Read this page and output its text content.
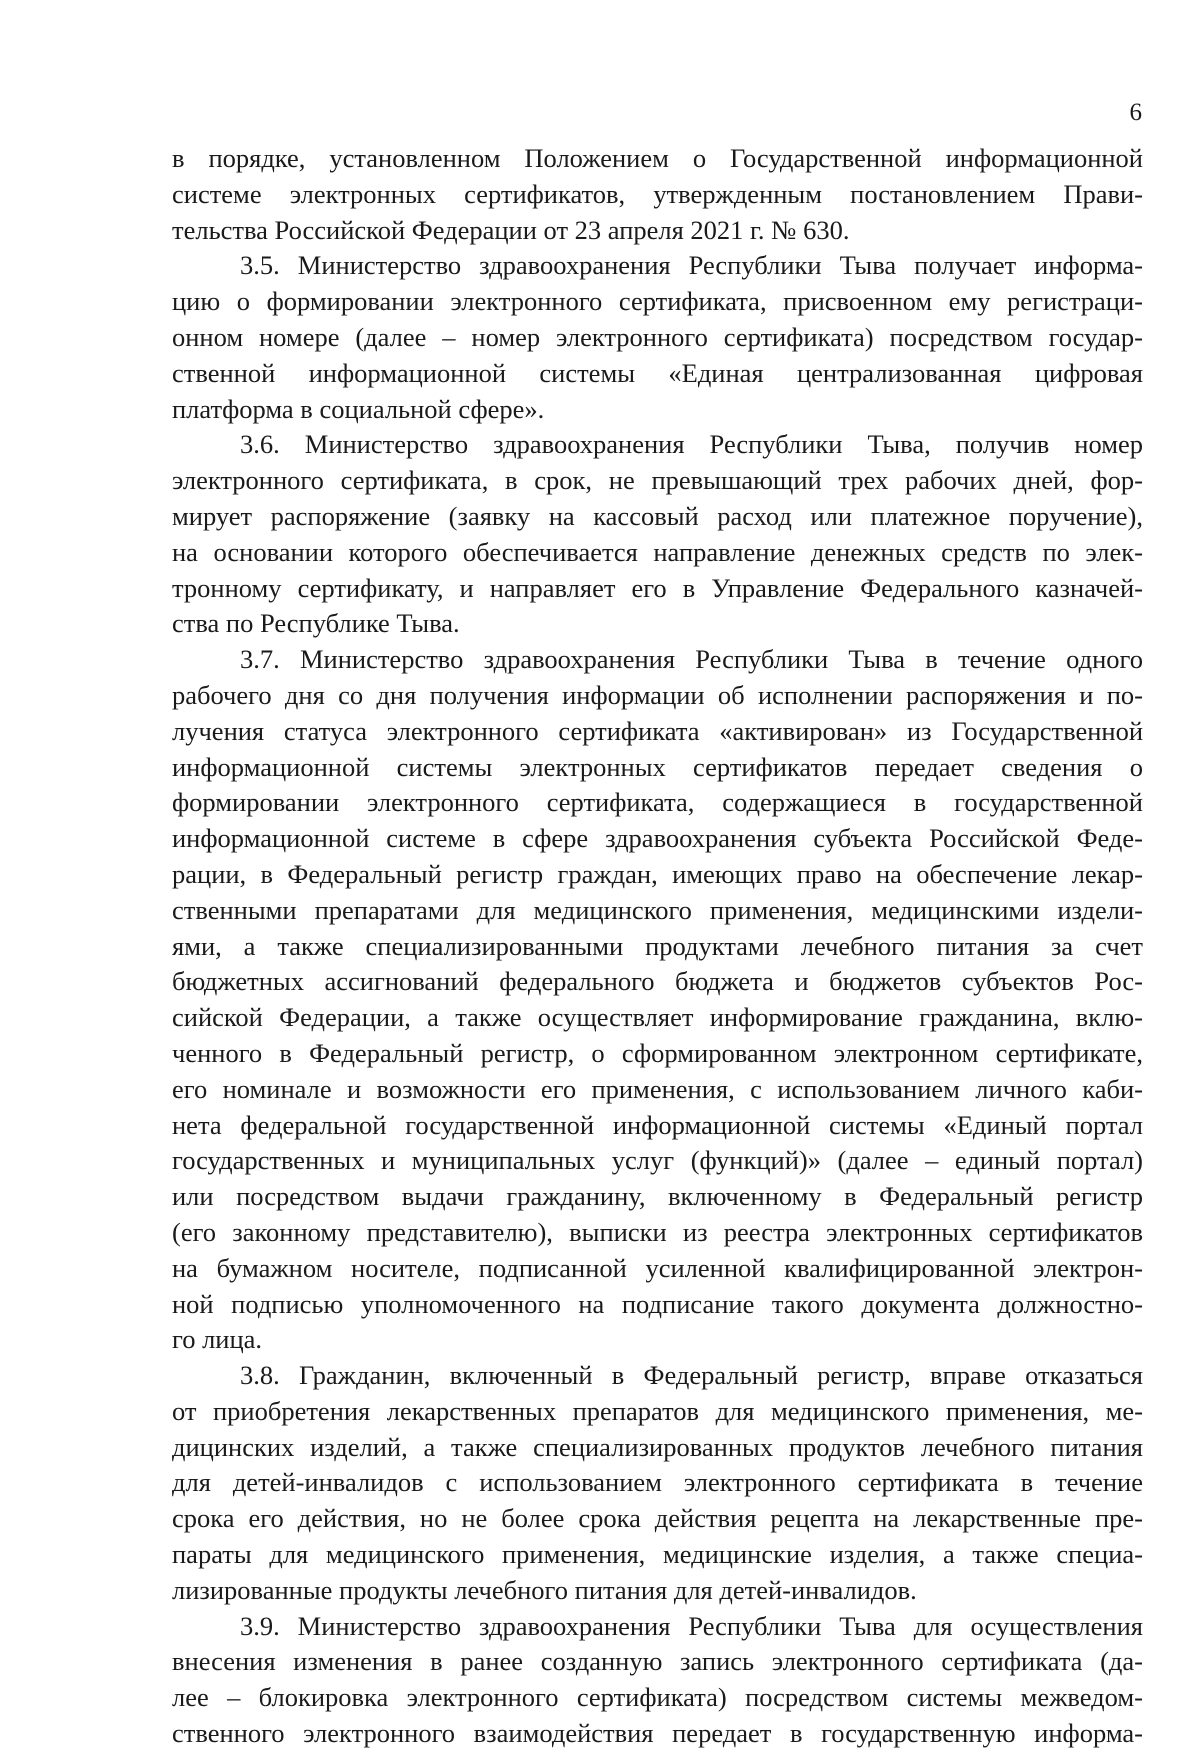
6
в порядке, установленном Положением о Государственной информационной
системе электронных сертификатов, утвержденным постановлением Прави-
тельства Российской Федерации от 23 апреля 2021 г. № 630.
3.5. Министерство здравоохранения Республики Тыва получает информа-
цию о формировании электронного сертификата, присвоенном ему регистраци-
онном номере (далее – номер электронного сертификата) посредством государ-
ственной информационной системы «Единая централизованная цифровая
платформа в социальной сфере».
3.6. Министерство здравоохранения Республики Тыва, получив номер
электронного сертификата, в срок, не превышающий трех рабочих дней, фор-
мирует распоряжение (заявку на кассовый расход или платежное поручение),
на основании которого обеспечивается направление денежных средств по элек-
тронному сертификату, и направляет его в Управление Федерального казначей-
ства по Республике Тыва.
3.7. Министерство здравоохранения Республики Тыва в течение одного
рабочего дня со дня получения информации об исполнении распоряжения и по-
лучения статуса электронного сертификата «активирован» из Государственной
информационной системы электронных сертификатов передает сведения о
формировании электронного сертификата, содержащиеся в государственной
информационной системе в сфере здравоохранения субъекта Российской Феде-
рации, в Федеральный регистр граждан, имеющих право на обеспечение лекар-
ственными препаратами для медицинского применения, медицинскими издели-
ями, а также специализированными продуктами лечебного питания за счет
бюджетных ассигнований федерального бюджета и бюджетов субъектов Рос-
сийской Федерации, а также осуществляет информирование гражданина, вклю-
ченного в Федеральный регистр, о сформированном электронном сертификате,
его номинале и возможности его применения, с использованием личного каби-
нета федеральной государственной информационной системы «Единый портал
государственных и муниципальных услуг (функций)» (далее – единый портал)
или посредством выдачи гражданину, включенному в Федеральный регистр
(его законному представителю), выписки из реестра электронных сертификатов
на бумажном носителе, подписанной усиленной квалифицированной электрон-
ной подписью уполномоченного на подписание такого документа должностно-
го лица.
3.8. Гражданин, включенный в Федеральный регистр, вправе отказаться
от приобретения лекарственных препаратов для медицинского применения, ме-
дицинских изделий, а также специализированных продуктов лечебного питания
для детей-инвалидов с использованием электронного сертификата в течение
срока его действия, но не более срока действия рецепта на лекарственные пре-
параты для медицинского применения, медицинские изделия, а также специа-
лизированные продукты лечебного питания для детей-инвалидов.
3.9. Министерство здравоохранения Республики Тыва для осуществления
внесения изменения в ранее созданную запись электронного сертификата (да-
лее – блокировка электронного сертификата) посредством системы межведом-
ственного электронного взаимодействия передает в государственную информа-
